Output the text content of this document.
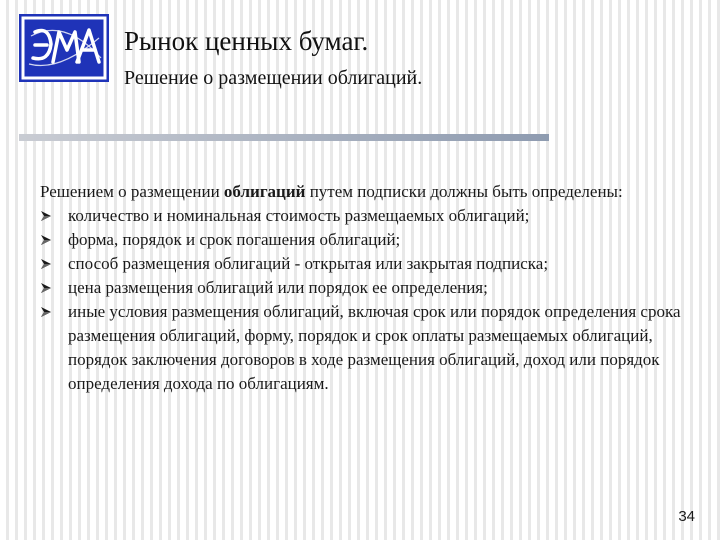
Рынок ценных бумаг.
Решение о размещении облигаций.

Решением о размещении облигаций путем подписки должны быть определены:

количество и номинальная стоимость размещаемых облигаций;
форма, порядок и срок погашения облигаций;
способ размещения облигаций - открытая или закрытая подписка;
цена размещения облигаций или порядок ее определения;
иные условия размещения облигаций, включая срок или порядок определения срока размещения облигаций, форму, порядок и срок оплаты размещаемых облигаций, порядок заключения договоров в ходе размещения облигаций, доход или порядок определения дохода по облигациям.
34
